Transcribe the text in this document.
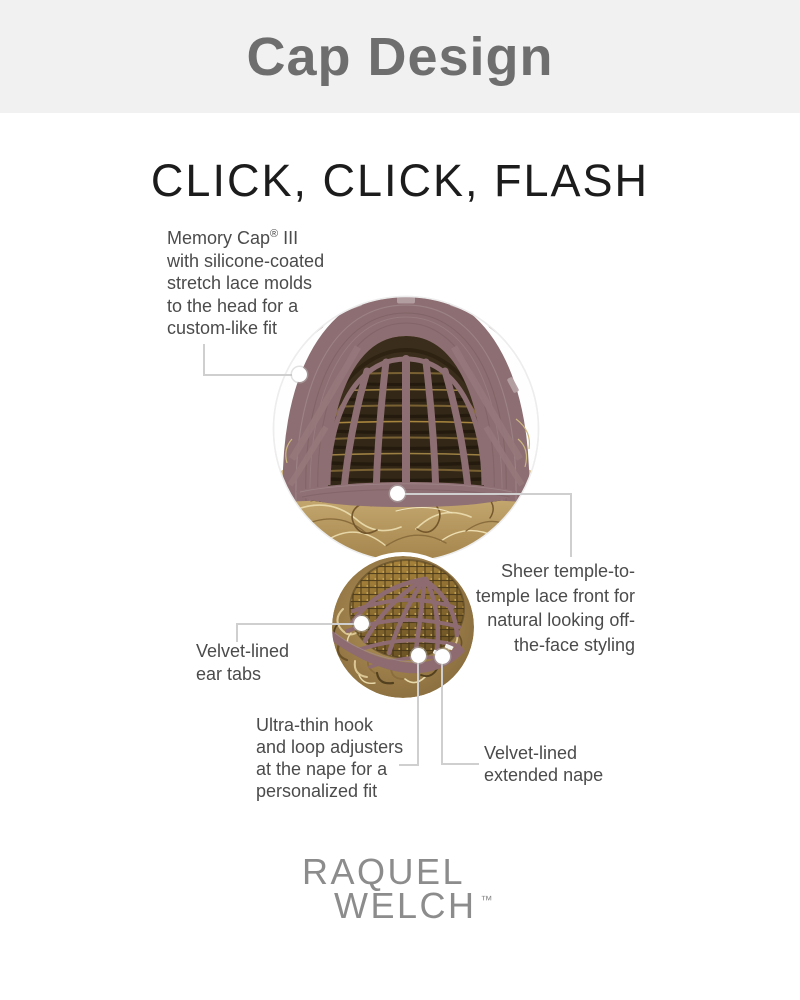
Cap Design
CLICK, CLICK, FLASH
Memory Cap® III
with silicone-coated
stretch lace molds
to the head for a
custom-like fit
Sheer temple-to-
temple lace front for
natural looking off-
the-face styling
Velvet-lined
ear tabs
Ultra-thin hook
and loop adjusters
at the nape for a
personalized fit
Velvet-lined
extended nape
RAQUEL
WELCH ™
